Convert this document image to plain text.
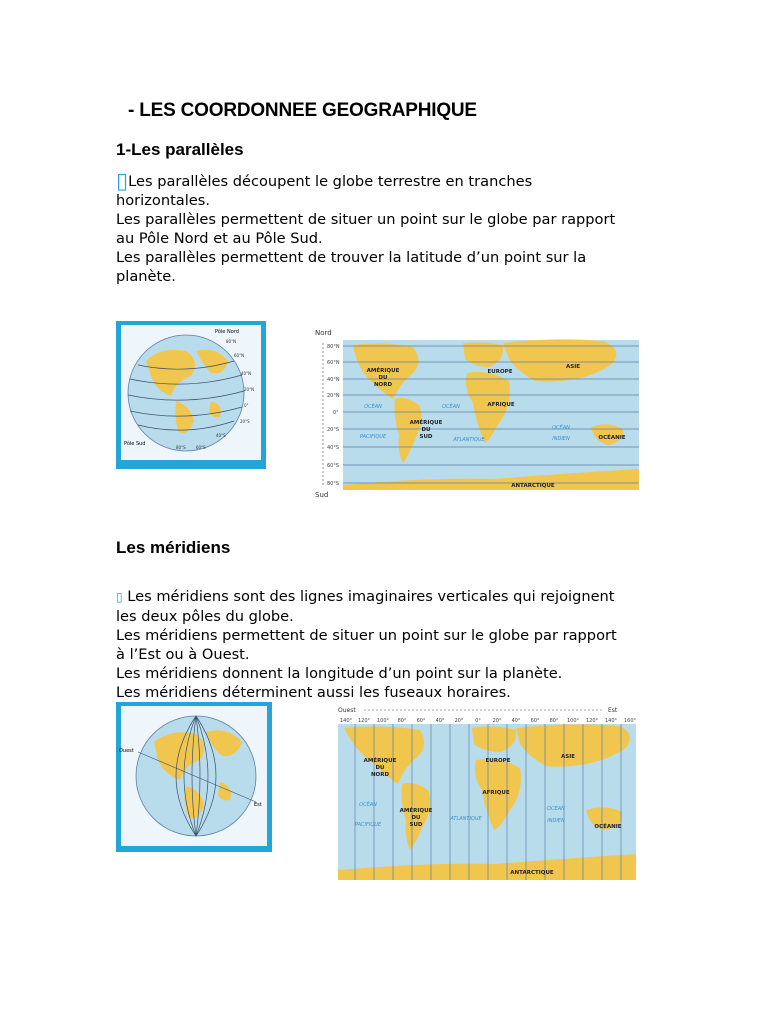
- LES COORDONNEE GEOGRAPHIQUE
1-Les parallèles

▯Les parallèles découpent le globe terrestre en tranches

horizontales.

Les parallèles permettent de situer un point sur le globe par rapport

au Pôle Nord et au Pôle Sud.

Les parallèles permettent de trouver la latitude d’un point sur la

planète.

Pôle Nord
Pôle Sud
80°N
60°N
40°N
20°N
0°
20°S
40°S
80°S	60°S
Nord
Sud
80°N
60°N
40°N
20°N
0°
20°S
40°S
60°S
80°S
AMÉRIQUE
DU
NORD
EUROPE
ASIE
AFRIQUE
AMÉRIQUE
DU
SUD	OCÉANIE
ANTARCTIQUE
OCÉAN
PACIFIQUE
OCÉAN
ATLANTIQUE
OCÉAN
INDIEN
Les méridiens

▯ Les méridiens sont des lignes imaginaires verticales qui rejoignent

les deux pôles du globe.

Les méridiens permettent de situer un point sur le globe par rapport

à l’Est ou à Ouest.

Les méridiens donnent la longitude d’un point sur la planète.

Les méridiens déterminent aussi les fuseaux horaires.

Ouest
Est
Ouest	Est
140° 120° 100° 80° 60° 40° 20° 0° 20° 40° 60° 80° 100° 120° 140° 160°
AMÉRIQUE
DU
NORD
EUROPE
ASIE
AFRIQUE
AMÉRIQUE
DU
SUD	OCÉANIE
ANTARCTIQUE
OCÉAN
PACIFIQUE
ATLANTIQUE
OCÉAN
INDIEN
